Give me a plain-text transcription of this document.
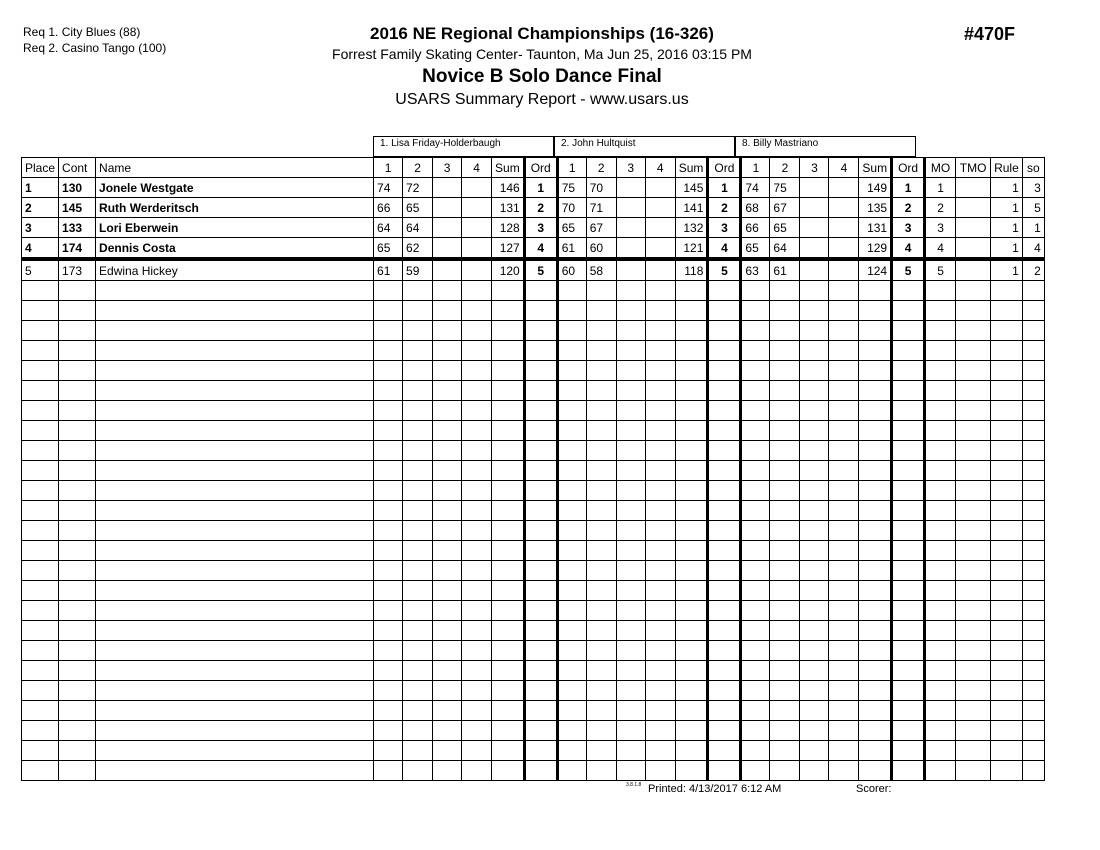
Req 1. City Blues (88)
Req 2. Casino Tango (100)
2016 NE Regional Championships (16-326)
Forrest Family Skating Center- Taunton, Ma Jun 25, 2016 03:15 PM
Novice B Solo Dance Final
USARS Summary Report - www.usars.us
#470F
1. Lisa Friday-Holderbaugh	2. John Hultquist	8. Billy Mastriano
Place	Cont	Name	1	2	3	4	Sum	Ord	1	2	3	4	Sum	Ord	1	2	3	4	Sum	Ord	MO	TMO	Rule	so
1	130	Jonele Westgate	74	72			146	1	75	70			145	1	74	75			149	1	1		1	3
2	145	Ruth Werderitsch	66	65			131	2	70	71			141	2	68	67			135	2	2		1	5
3	133	Lori Eberwein	64	64			128	3	65	67			132	3	66	65			131	3	3		1	1
4	174	Dennis Costa	65	62			127	4	61	60			121	4	65	64			129	4	4		1	4
5	173	Edwina Hickey	61	59			120	5	60	58			118	5	63	61			124	5	5		1	2

3.8.1.8 Printed: 4/13/2017 6:12 AM	Scorer:
